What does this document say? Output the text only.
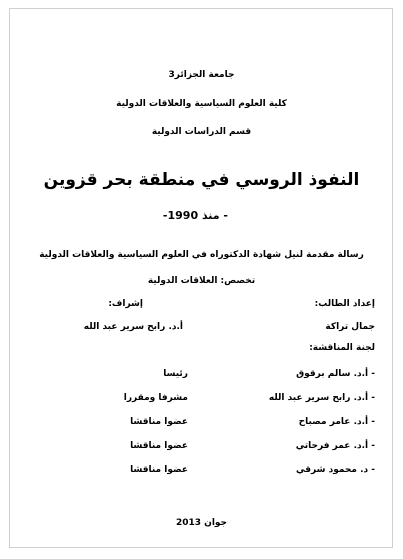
جامعة الجزائر3
كلية العلوم السياسية والعلاقات الدولية
قسم الدراسات الدولية
النفوذ الروسي في منطقة بحر قزوين
- منذ 1990-
رسالة مقدمة لنيل شهادة الدكتوراه في العلوم السياسية والعلاقات الدولية
تخصص: العلاقات الدولية
إعداد الطالب:
إشراف:
جمال تراكة
أ.د. رابح سرير عبد الله
لجنة المناقشة:
- أ.د. سالم برقوق
رئيسا
- أ.د. رابح سرير عبد الله
مشرفا ومقررا
- أ.د. عامر مصباح
عضوا مناقشا
- أ.د. عمر فرحاتي
عضوا مناقشا
- د. محمود شرقي
عضوا مناقشا
جوان 2013
